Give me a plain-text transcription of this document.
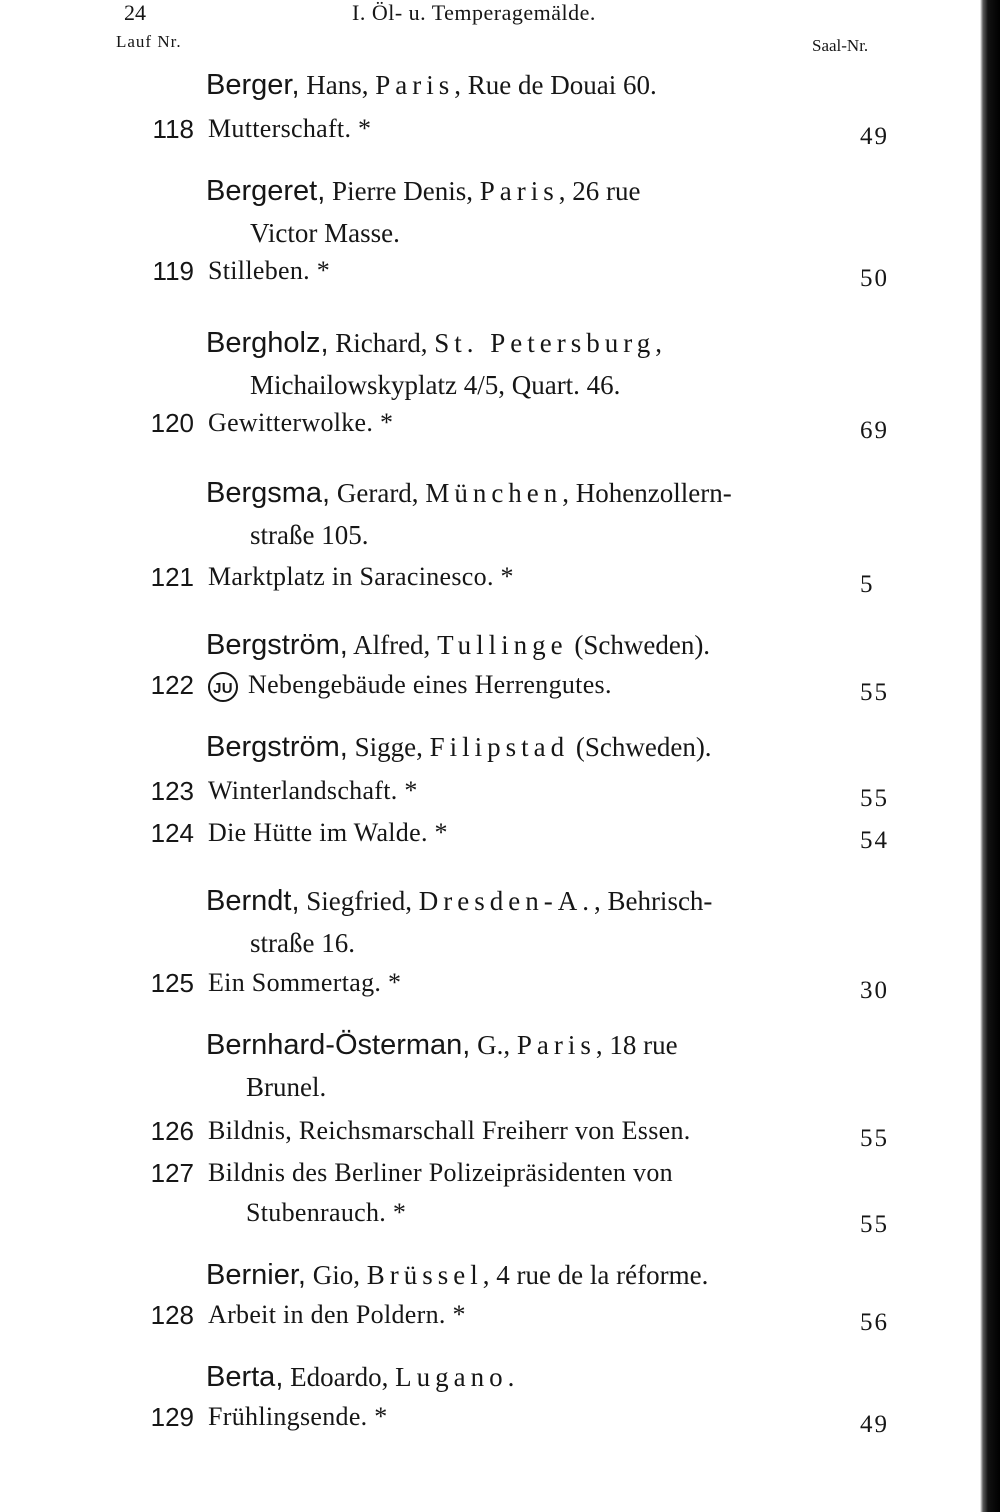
24	I. Öl- u. Temperagemälde.
Lauf Nr.	Saal-Nr.
Berger, Hans, Paris, Rue de Douai 60.
118 Mutterschaft. *	49
Bergeret, Pierre Denis, Paris, 26 rue
Victor Masse.
119 Stilleben. *	50
Bergholz, Richard, St. Petersburg,
Michailowskyplatz 4/5, Quart. 46.
120 Gewitterwolke. *	69
Bergsma, Gerard, München, Hohenzollern-
straße 105.
121 Marktplatz in Saracinesco. *	5
Bergström, Alfred, Tullinge (Schweden).
122	JU Nebengebäude eines Herrengutes.	55
Bergström, Sigge, Filipstad (Schweden).
123 Winterlandschaft. *	55
124 Die Hütte im Walde. *	54
Berndt, Siegfried, Dresden-A., Behrisch-
straße 16.
125 Ein Sommertag. *	30
Bernhard-Österman, G., Paris, 18 rue
Brunel.
126 Bildnis, Reichsmarschall Freiherr von Essen.	55
127 Bildnis des Berliner Polizeipräsidenten von
Stubenrauch. *	55
Bernier, Gio, Brüssel, 4 rue de la réforme.
128 Arbeit in den Poldern. *	56
Berta, Edoardo, Lugano.
129 Frühlingsende. *	49
